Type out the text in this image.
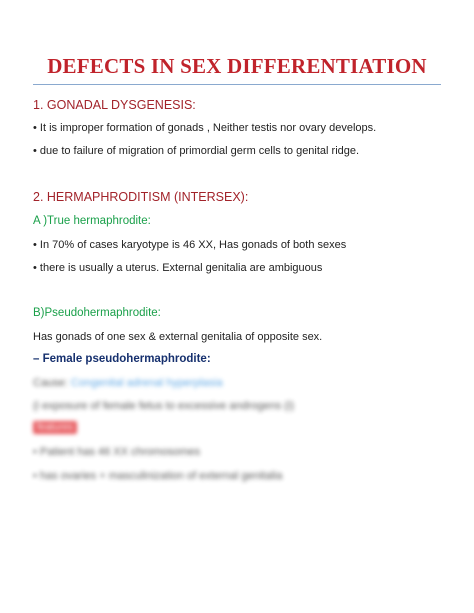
DEFECTS IN SEX DIFFERENTIATION
1. GONADAL DYSGENESIS:
• It is improper formation of gonads , Neither testis nor ovary develops.
• due to failure of migration of primordial germ cells to genital ridge.
2. HERMAPHRODITISM (INTERSEX):
A )True hermaphrodite:
• In 70% of cases karyotype is 46 XX, Has gonads of both sexes
• there is usually a uterus. External genitalia are ambiguous
B)Pseudohermaphrodite:
Has gonads of one sex & external genitalia of opposite sex.
– Female pseudohermaphrodite:
Cause: Congenital adrenal hyperplasia
(i exposure of female fetus to excessive androgens (i)
features
• Patient has 46 XX chromosomes
• has ovaries + masculinization of external genitalia
